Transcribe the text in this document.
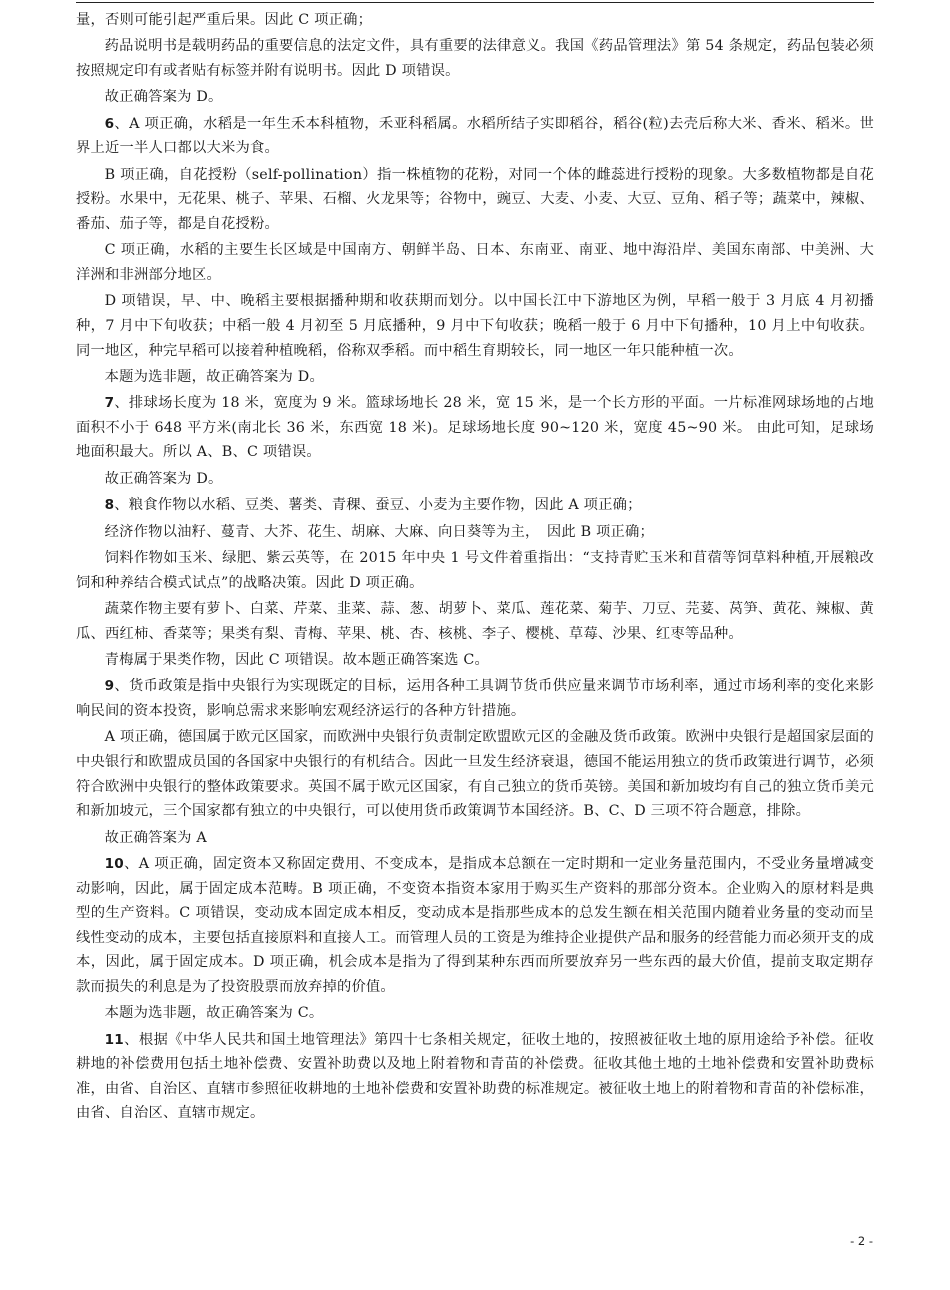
量，否则可能引起严重后果。因此 C 项正确；

药品说明书是载明药品的重要信息的法定文件，具有重要的法律意义。我国《药品管理法》第 54 条规定，药品包装必须按照规定印有或者贴有标签并附有说明书。因此 D 项错误。

故正确答案为 D。

6、A 项正确，水稻是一年生禾本科植物，禾亚科稻属。水稻所结子实即稻谷，稻谷(粒)去壳后称大米、香米、稻米。世界上近一半人口都以大米为食。

B 项正确，自花授粉（self-pollination）指一株植物的花粉，对同一个体的雌蕊进行授粉的现象。大多数植物都是自花授粉。水果中，无花果、桃子、苹果、石榴、火龙果等；谷物中，豌豆、大麦、小麦、大豆、豆角、稻子等；蔬菜中，辣椒、番茄、茄子等，都是自花授粉。

C 项正确，水稻的主要生长区域是中国南方、朝鲜半岛、日本、东南亚、南亚、地中海沿岸、美国东南部、中美洲、大洋洲和非洲部分地区。

D 项错误，早、中、晚稻主要根据播种期和收获期而划分。以中国长江中下游地区为例，早稻一般于 3 月底 4 月初播种，7 月中下旬收获；中稻一般 4 月初至 5 月底播种，9 月中下旬收获；晚稻一般于 6 月中下旬播种，10 月上中旬收获。同一地区，种完早稻可以接着种植晚稻，俗称双季稻。而中稻生育期较长，同一地区一年只能种植一次。

本题为选非题，故正确答案为 D。

7、排球场长度为 18 米，宽度为 9 米。篮球场地长 28 米，宽 15 米，是一个长方形的平面。一片标准网球场地的占地面积不小于 648 平方米(南北长 36 米，东西宽 18 米)。足球场地长度 90~120 米，宽度 45~90 米。 由此可知，足球场地面积最大。所以 A、B、C 项错误。

故正确答案为 D。

8、粮食作物以水稻、豆类、薯类、青稞、蚕豆、小麦为主要作物，因此 A 项正确；

经济作物以油籽、蔓青、大芥、花生、胡麻、大麻、向日葵等为主，　因此 B 项正确；

饲料作物如玉米、绿肥、紫云英等，在 2015 年中央 1 号文件着重指出：“支持青贮玉米和苜蓿等饲草料种植,开展粮改饲和种养结合模式试点”的战略决策。因此 D 项正确。

蔬菜作物主要有萝卜、白菜、芹菜、韭菜、蒜、葱、胡萝卜、菜瓜、莲花菜、菊芋、刀豆、芫荽、莴笋、黄花、辣椒、黄瓜、西红柿、香菜等；果类有梨、青梅、苹果、桃、杏、核桃、李子、樱桃、草莓、沙果、红枣等品种。

青梅属于果类作物，因此 C 项错误。故本题正确答案选 C。

9、货币政策是指中央银行为实现既定的目标，运用各种工具调节货币供应量来调节市场利率，通过市场利率的变化来影响民间的资本投资，影响总需求来影响宏观经济运行的各种方针措施。

A 项正确，德国属于欧元区国家，而欧洲中央银行负责制定欧盟欧元区的金融及货币政策。欧洲中央银行是超国家层面的中央银行和欧盟成员国的各国家中央银行的有机结合。因此一旦发生经济衰退，德国不能运用独立的货币政策进行调节，必须符合欧洲中央银行的整体政策要求。英国不属于欧元区国家，有自己独立的货币英镑。美国和新加坡均有自己的独立货币美元和新加坡元，三个国家都有独立的中央银行，可以使用货币政策调节本国经济。B、C、D 三项不符合题意，排除。

故正确答案为 A

10、A 项正确，固定资本又称固定费用、不变成本，是指成本总额在一定时期和一定业务量范围内，不受业务量增减变动影响，因此，属于固定成本范畴。B 项正确，不变资本指资本家用于购买生产资料的那部分资本。企业购入的原材料是典型的生产资料。C 项错误，变动成本固定成本相反，变动成本是指那些成本的总发生额在相关范围内随着业务量的变动而呈线性变动的成本，主要包括直接原料和直接人工。而管理人员的工资是为维持企业提供产品和服务的经营能力而必须开支的成本，因此，属于固定成本。D 项正确，机会成本是指为了得到某种东西而所要放弃另一些东西的最大价值，提前支取定期存款而损失的利息是为了投资股票而放弃掉的价值。

本题为选非题，故正确答案为 C。

11、根据《中华人民共和国土地管理法》第四十七条相关规定，征收土地的，按照被征收土地的原用途给予补偿。征收耕地的补偿费用包括土地补偿费、安置补助费以及地上附着物和青苗的补偿费。征收其他土地的土地补偿费和安置补助费标准，由省、自治区、直辖市参照征收耕地的土地补偿费和安置补助费的标准规定。被征收土地上的附着物和青苗的补偿标准，由省、自治区、直辖市规定。

- 2 -
